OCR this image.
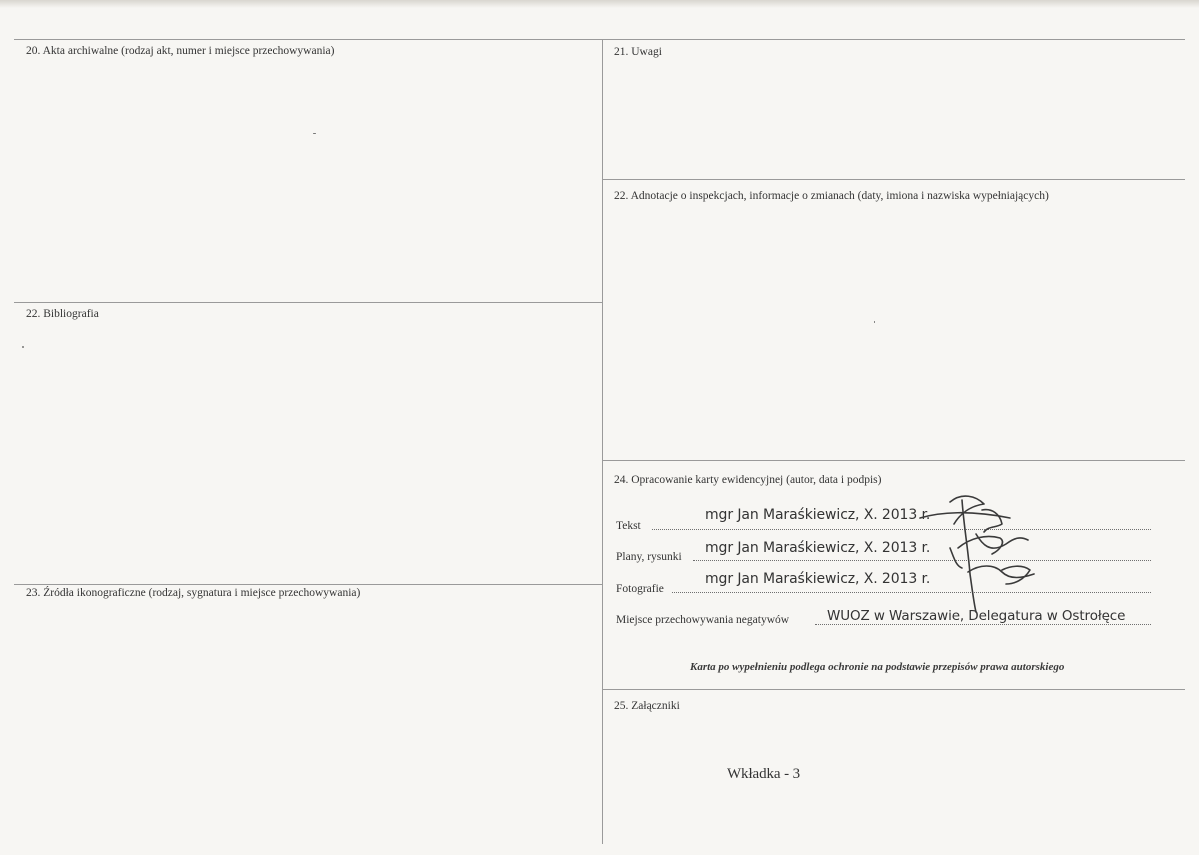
20. Akta archiwalne (rodzaj akt, numer i miejsce przechowywania)
22. Bibliografia
23. Źródła ikonograficzne (rodzaj, sygnatura i miejsce przechowywania)
21. Uwagi
22. Adnotacje o inspekcjach, informacje o zmianach (daty, imiona i nazwiska wypełniających)
24. Opracowanie karty ewidencyjnej (autor, data i podpis)
Tekst
mgr Jan Maraśkiewicz, X. 2013 r.
Plany, rysunki
mgr Jan Maraśkiewicz, X. 2013 r.
Fotografie
mgr Jan Maraśkiewicz, X. 2013 r.
Miejsce przechowywania negatywów	WUOZ w Warszawie, Delegatura w Ostrołęce
Karta po wypełnieniu podlega ochronie na podstawie przepisów prawa autorskiego
25. Załączniki
Wkładka - 3
